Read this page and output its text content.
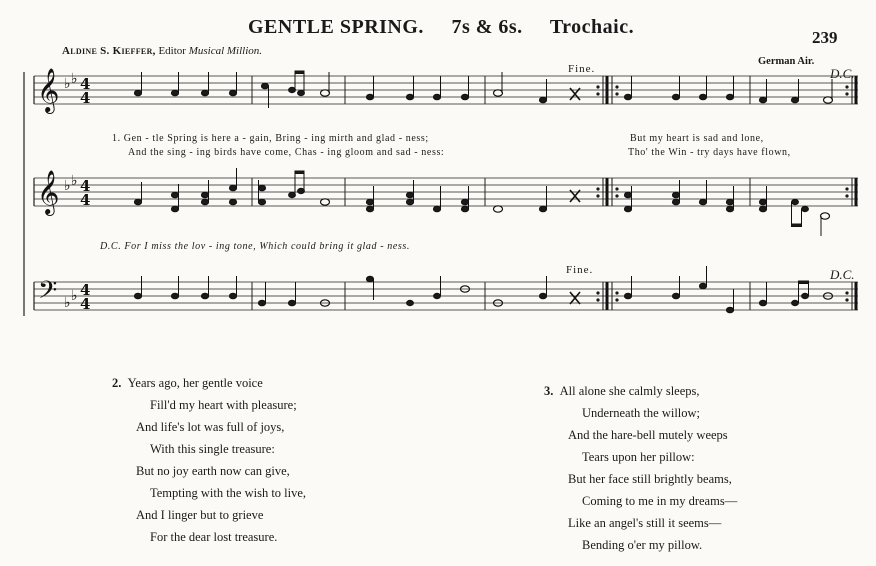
GENTLE SPRING. 7s & 6s. Trochaic.	239
Aldine S. Kieffer, Editor Musical Million.
German Air.
Fine.	D.C.
Fine.	D.C.
𝄞
𝄞
𝄢
♭ ♭
♭ ♭
♭ ♭
4
4
4
4
4
4
1. Gen - tle Spring is here a - gain, Bring - ing mirth and glad - ness;	But my heart is sad and lone,
And the sing - ing birds have come, Chas - ing gloom and sad - ness:	Tho' the Win - try days have flown,
D.C. For I miss the lov - ing tone, Which could bring it glad - ness.
2. Years ago, her gentle voice
Fill'd my heart with pleasure;
And life's lot was full of joys,
With this single treasure:
But no joy earth now can give,
Tempting with the wish to live,
And I linger but to grieve
For the dear lost treasure.
3. All alone she calmly sleeps,
Underneath the willow;
And the hare-bell mutely weeps
Tears upon her pillow:
But her face still brightly beams,
Coming to me in my dreams—
Like an angel's still it seems—
Bending o'er my pillow.
